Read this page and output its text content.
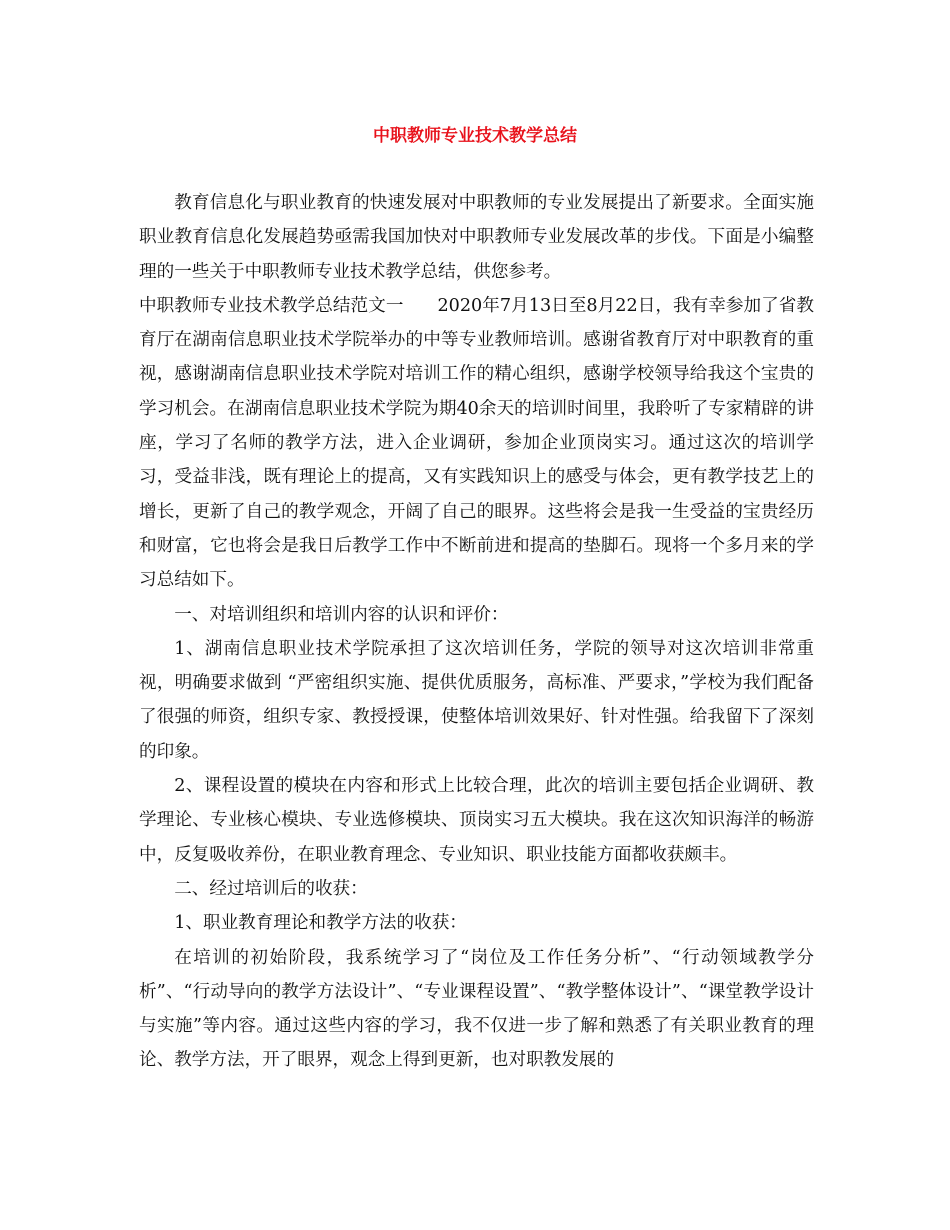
中职教师专业技术教学总结

教育信息化与职业教育的快速发展对中职教师的专业发展提出了新要求。全面实施职业教育信息化发展趋势亟需我国加快对中职教师专业发展改革的步伐。下面是小编整理的一些关于中职教师专业技术教学总结，供您参考。

中职教师专业技术教学总结范文一 2020年7月13日至8月22日，我有幸参加了省教育厅在湖南信息职业技术学院举办的中等专业教师培训。感谢省教育厅对中职教育的重视，感谢湖南信息职业技术学院对培训工作的精心组织，感谢学校领导给我这个宝贵的学习机会。在湖南信息职业技术学院为期40余天的培训时间里，我聆听了专家精辟的讲座，学习了名师的教学方法，进入企业调研，参加企业顶岗实习。通过这次的培训学习，受益非浅，既有理论上的提高，又有实践知识上的感受与体会，更有教学技艺上的增长，更新了自己的教学观念，开阔了自己的眼界。这些将会是我一生受益的宝贵经历和财富，它也将会是我日后教学工作中不断前进和提高的垫脚石。现将一个多月来的学习总结如下。

一、对培训组织和培训内容的认识和评价：

1、湖南信息职业技术学院承担了这次培训任务，学院的领导对这次培训非常重视，明确要求做到 “严密组织实施、提供优质服务，高标准、严要求，”学校为我们配备了很强的师资，组织专家、教授授课，使整体培训效果好、针对性强。给我留下了深刻的印象。

2、课程设置的模块在内容和形式上比较合理，此次的培训主要包括企业调研、教学理论、专业核心模块、专业选修模块、顶岗实习五大模块。我在这次知识海洋的畅游中，反复吸收养份，在职业教育理念、专业知识、职业技能方面都收获颇丰。

二、经过培训后的收获：

1、职业教育理论和教学方法的收获：

在培训的初始阶段，我系统学习了“岗位及工作任务分析”、“行动领域教学分析”、“行动导向的教学方法设计”、“专业课程设置”、“教学整体设计”、“课堂教学设计与实施”等内容。通过这些内容的学习，我不仅进一步了解和熟悉了有关职业教育的理论、教学方法，开了眼界，观念上得到更新，也对职教发展的
